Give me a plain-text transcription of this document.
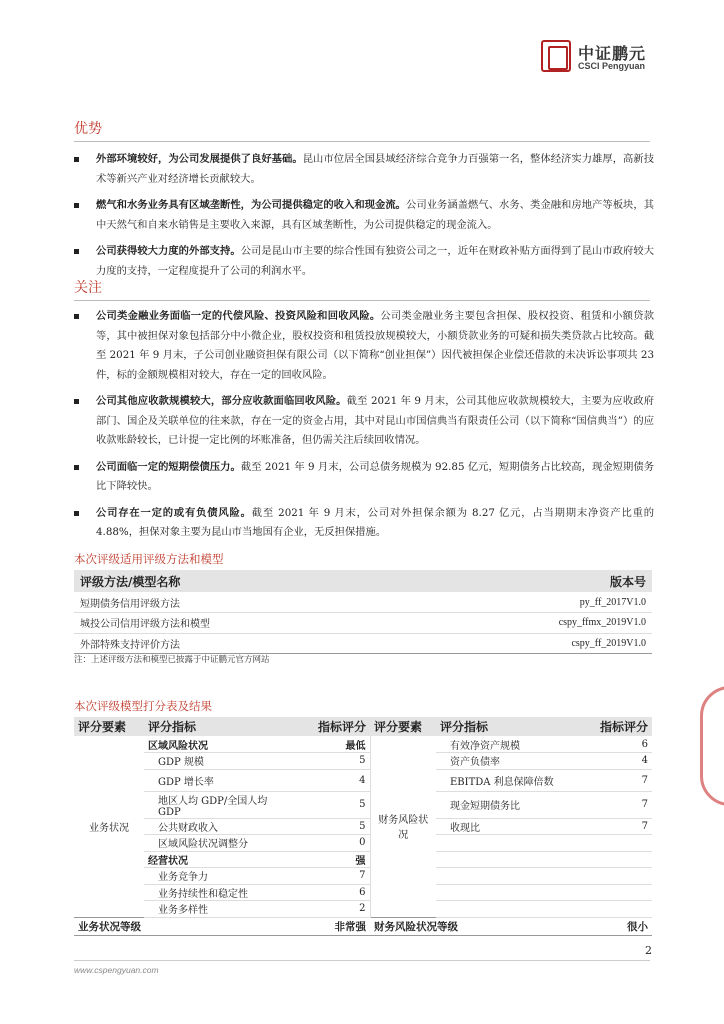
中证鹏元
CSCI Pengyuan
优势
外部环境较好，为公司发展提供了良好基础。昆山市位居全国县域经济综合竞争力百强第一名，整体经济实力雄厚，高新技术等新兴产业对经济增长贡献较大。
燃气和水务业务具有区域垄断性，为公司提供稳定的收入和现金流。公司业务涵盖燃气、水务、类金融和房地产等板块，其中天然气和自来水销售是主要收入来源，具有区域垄断性，为公司提供稳定的现金流入。
公司获得较大力度的外部支持。公司是昆山市主要的综合性国有独资公司之一，近年在财政补贴方面得到了昆山市政府较大力度的支持，一定程度提升了公司的利润水平。
关注
公司类金融业务面临一定的代偿风险、投资风险和回收风险。公司类金融业务主要包含担保、股权投资、租赁和小额贷款等，其中被担保对象包括部分中小微企业，股权投资和租赁投放规模较大，小额贷款业务的可疑和损失类贷款占比较高。截至 2021 年 9 月末，子公司创业融资担保有限公司（以下简称“创业担保”）因代被担保企业偿还借款的未决诉讼事项共 23 件，标的金额规模相对较大，存在一定的回收风险。
公司其他应收款规模较大，部分应收款面临回收风险。截至 2021 年 9 月末，公司其他应收款规模较大，主要为应收政府部门、国企及关联单位的往来款，存在一定的资金占用，其中对昆山市国信典当有限责任公司（以下简称“国信典当”）的应收款账龄较长，已计提一定比例的坏账准备，但仍需关注后续回收情况。
公司面临一定的短期偿债压力。截至 2021 年 9 月末，公司总债务规模为 92.85 亿元，短期债务占比较高，现金短期债务比下降较快。
公司存在一定的或有负债风险。截至 2021 年 9 月末，公司对外担保余额为 8.27 亿元，占当期期末净资产比重的 4.88%，担保对象主要为昆山市当地国有企业，无反担保措施。
本次评级适用评级方法和模型
评级方法/模型名称	版本号
短期债务信用评级方法	py_ff_2017V1.0
城投公司信用评级方法和模型	cspy_ffmx_2019V1.0
外部特殊支持评价方法	cspy_ff_2019V1.0
注：上述评级方法和模型已披露于中证鹏元官方网站
本次评级模型打分表及结果
评分要素	评分指标	指标评分	评分要素	评分指标	指标评分
业务状况	区域风险状况	最低	财务风险状况	有效净资产规模	6
	GDP 规模	5		资产负债率	4
	GDP 增长率	4		EBITDA 利息保障倍数	7
	地区人均 GDP/全国人均 GDP	5		现金短期债务比	7
	公共财政收入	5		收现比	7
	区域风险状况调整分	0			
	经营状况	强			
	业务竞争力	7			
	业务持续性和稳定性	6			
	业务多样性	2			
业务状况等级		非常强	财务风险状况等级		很小
2
www.cspengyuan.com
